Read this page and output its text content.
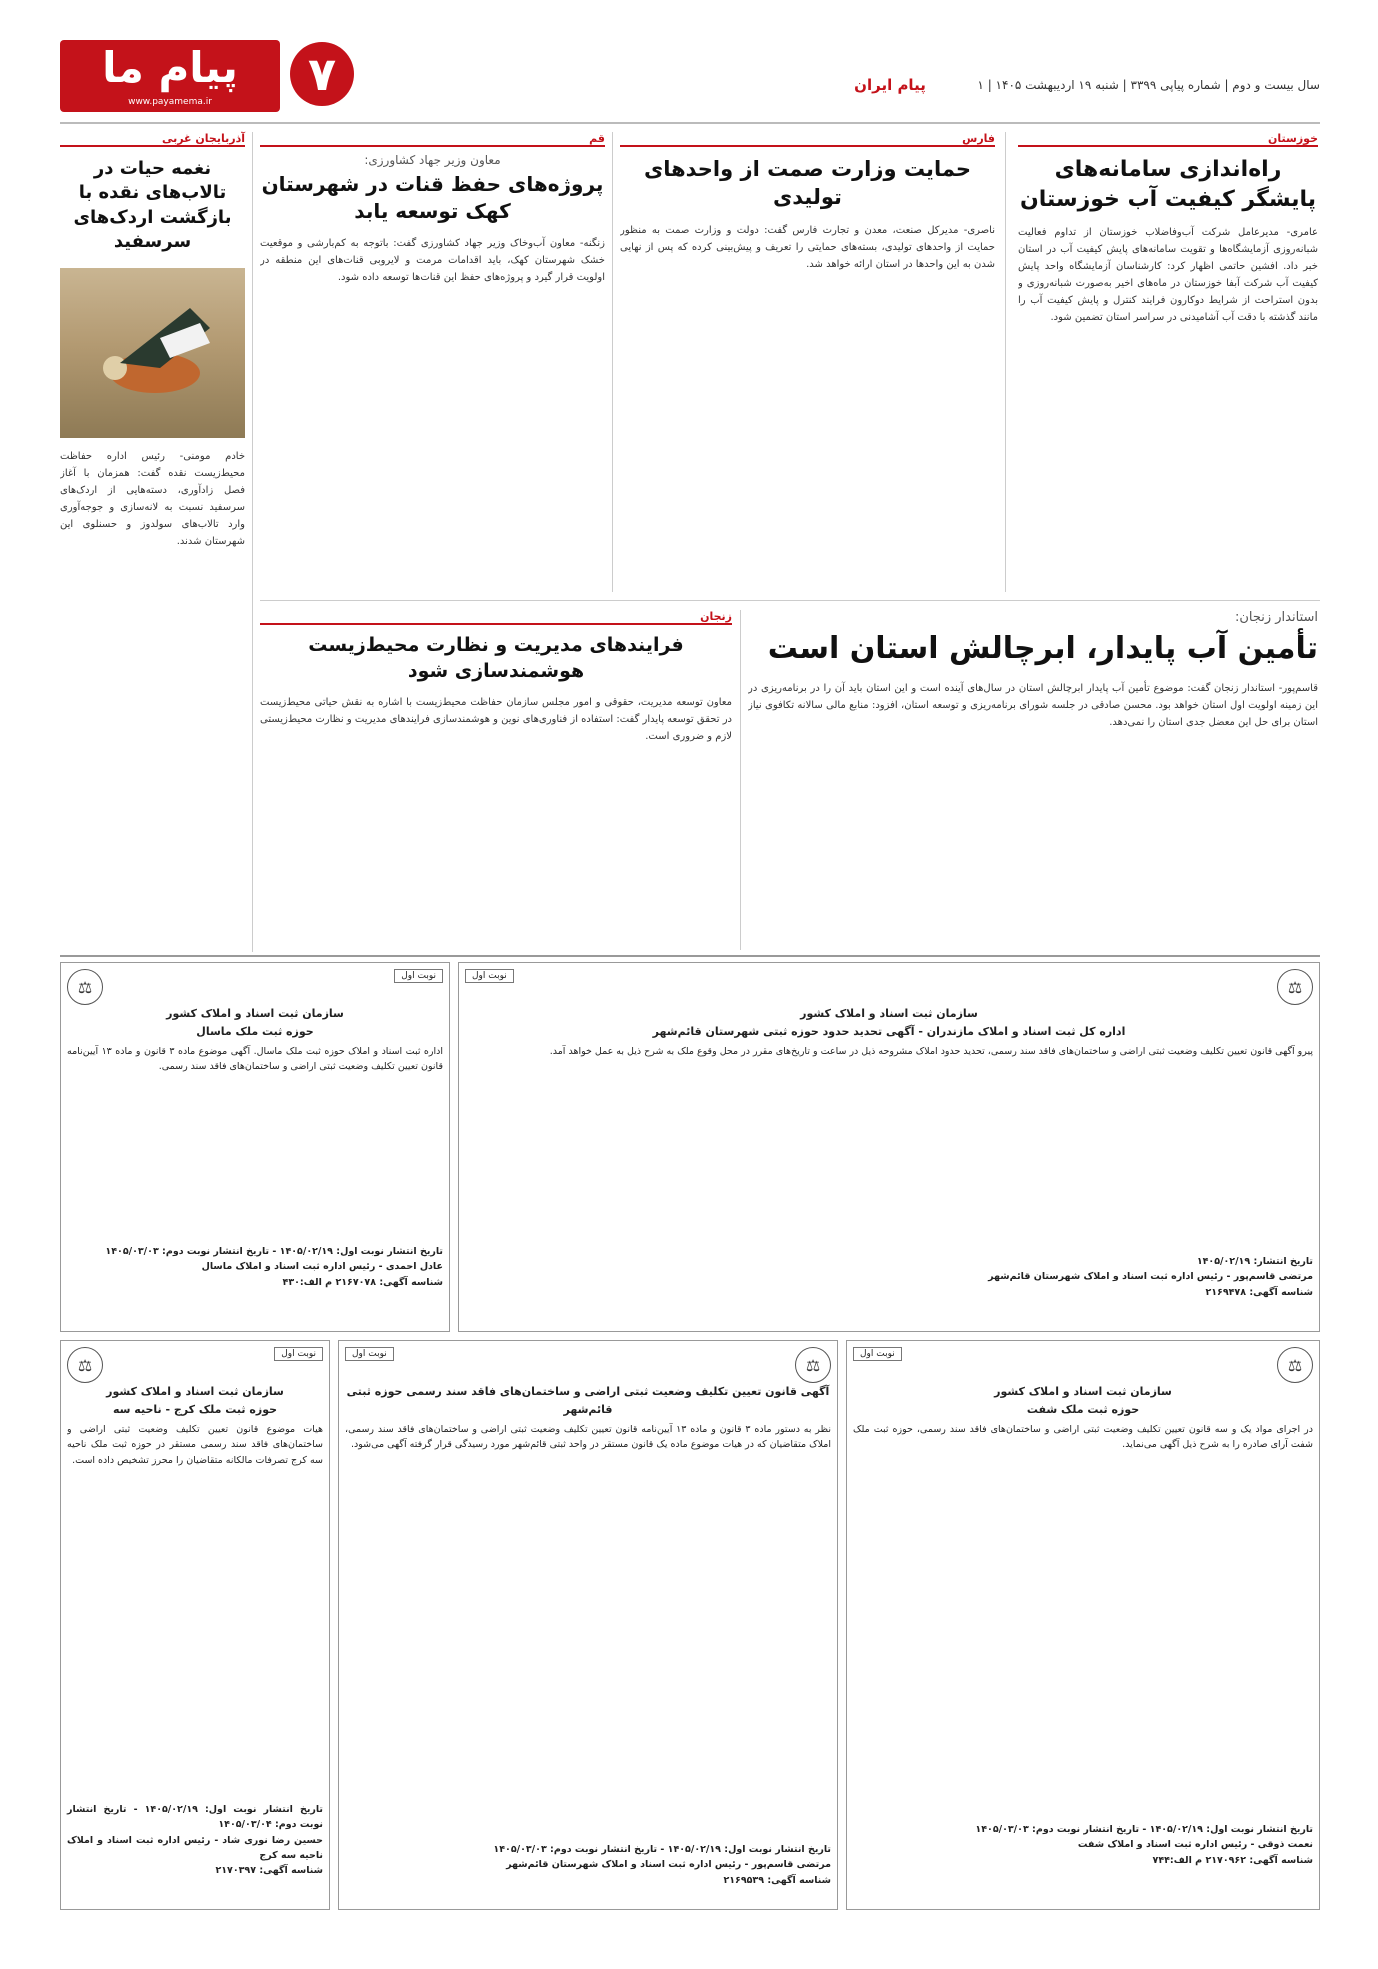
پیام ما
www.payamema.ir
۷	پیام ایران	سال بیست و دوم | شماره پیاپی ۳۳۹۹ | شنبه ۱۹ اردیبهشت ۱۴۰۵ | ۱
خوزستان
راه‌اندازی سامانه‌های پایشگر کیفیت آب خوزستان
عامری- مدیرعامل شرکت آب‌وفاضلاب خوزستان از تداوم فعالیت شبانه‌روزی آزمایشگاه‌ها و تقویت سامانه‌های پایش کیفیت آب در استان خبر داد. افشین حاتمی اظهار کرد: کارشناسان آزمایشگاه واحد پایش کیفیت آب شرکت آبفا خوزستان در ماه‌های اخیر به‌صورت شبانه‌روزی و بدون استراحت از شرایط دوکارون فرایند کنترل و پایش کیفیت آب را مانند گذشته با دقت آب آشامیدنی در سراسر استان تضمین شود.
فارس
حمایت وزارت صمت از واحدهای تولیدی
ناصری- مدیرکل صنعت، معدن و تجارت فارس گفت: دولت و وزارت صمت به منظور حمایت از واحدهای تولیدی، بسته‌های حمایتی را تعریف و پیش‌بینی کرده که پس از نهایی شدن به این واحدها در استان ارائه خواهد شد.
قم
معاون وزیر جهاد کشاورزی:
پروژه‌های حفظ قنات در شهرستان کهک توسعه یابد
زنگنه- معاون آب‌وخاک وزیر جهاد کشاورزی گفت: باتوجه به کم‌بارشی و موقعیت خشک شهرستان کهک، باید اقدامات مرمت و لایروبی قنات‌های این منطقه در اولویت قرار گیرد و پروژه‌های حفظ این قنات‌ها توسعه داده شود.
آذربایجان غربی
نغمه حیات در تالاب‌های نقده با بازگشت اردک‌های سرسفید
خادم مومنی- رئیس اداره حفاظت محیط‌زیست نقده گفت: همزمان با آغاز فصل زادآوری، دسته‌هایی از اردک‌های سرسفید نسبت به لانه‌سازی و جوجه‌آوری وارد تالاب‌های سولدوز و حسنلوی این شهرستان شدند.
استاندار زنجان:
تأمین آب پایدار، ابرچالش استان است
قاسم‌پور- استاندار زنجان گفت: موضوع تأمین آب پایدار ابرچالش استان در سال‌های آینده است و این استان باید آن را در برنامه‌ریزی در این زمینه اولویت اول استان خواهد بود. محسن صادقی در جلسه شورای برنامه‌ریزی و توسعه استان، افزود: منابع مالی سالانه تکافوی نیاز استان برای حل این معضل جدی استان را نمی‌دهد.
زنجان
فرایندهای مدیریت و نظارت محیط‌زیست هوشمندسازی شود
معاون توسعه مدیریت، حقوقی و امور مجلس سازمان حفاظت محیط‌زیست با اشاره به نقش حیاتی محیط‌زیست در تحقق توسعه پایدار گفت: استفاده از فناوری‌های نوین و هوشمندسازی فرایندهای مدیریت و نظارت محیط‌زیستی لازم و ضروری است.
نوبت اول
⚖
سازمان ثبت اسناد و املاک کشور
حوزه ثبت ملک ماسال
اداره ثبت اسناد و املاک حوزه ثبت ملک ماسال. آگهی موضوع ماده ۳ قانون و ماده ۱۳ آیین‌نامه قانون تعیین تکلیف وضعیت ثبتی اراضی و ساختمان‌های فاقد سند رسمی.
تاریخ انتشار نوبت اول: ۱۴۰۵/۰۲/۱۹ - تاریخ انتشار نوبت دوم: ۱۴۰۵/۰۳/۰۳
عادل احمدی - رئیس اداره ثبت اسناد و املاک ماسال
شناسه آگهی: ۲۱۶۷۰۷۸ م الف:۴۳۰
⚖
نوبت اول
سازمان ثبت اسناد و املاک کشور
اداره کل ثبت اسناد و املاک مازندران - آگهی تحدید حدود حوزه ثبتی شهرستان قائم‌شهر
پیرو آگهی قانون تعیین تکلیف وضعیت ثبتی اراضی و ساختمان‌های فاقد سند رسمی، تحدید حدود املاک مشروحه ذیل در ساعت و تاریخ‌های مقرر در محل وقوع ملک به شرح ذیل به عمل خواهد آمد.
تاریخ انتشار: ۱۴۰۵/۰۲/۱۹
مرتضی قاسم‌پور - رئیس اداره ثبت اسناد و املاک شهرستان قائم‌شهر
شناسه آگهی: ۲۱۶۹۴۷۸
نوبت اول
⚖
سازمان ثبت اسناد و املاک کشور
حوزه ثبت ملک کرج - ناحیه سه
هیات موضوع قانون تعیین تکلیف وضعیت ثبتی اراضی و ساختمان‌های فاقد سند رسمی مستقر در حوزه ثبت ملک ناحیه سه کرج تصرفات مالکانه متقاضیان را محرز تشخیص داده است.
تاریخ انتشار نوبت اول: ۱۴۰۵/۰۲/۱۹ - تاریخ انتشار نوبت دوم: ۱۴۰۵/۰۳/۰۴
حسین رضا نوری شاد - رئیس اداره ثبت اسناد و املاک ناحیه سه کرج
شناسه آگهی: ۲۱۷۰۳۹۷
⚖
نوبت اول
آگهی قانون تعیین تکلیف وضعیت ثبتی اراضی و ساختمان‌های فاقد سند رسمی حوزه ثبتی قائم‌شهر
نظر به دستور ماده ۳ قانون و ماده ۱۳ آیین‌نامه قانون تعیین تکلیف وضعیت ثبتی اراضی و ساختمان‌های فاقد سند رسمی، املاک متقاضیان که در هیات موضوع ماده یک قانون مستقر در واحد ثبتی قائم‌شهر مورد رسیدگی قرار گرفته آگهی می‌شود.
تاریخ انتشار نوبت اول: ۱۴۰۵/۰۲/۱۹ - تاریخ انتشار نوبت دوم: ۱۴۰۵/۰۳/۰۳
مرتضی قاسم‌پور - رئیس اداره ثبت اسناد و املاک شهرستان قائم‌شهر
شناسه آگهی: ۲۱۶۹۵۳۹
⚖
نوبت اول
سازمان ثبت اسناد و املاک کشور
حوزه ثبت ملک شفت
در اجرای مواد یک و سه قانون تعیین تکلیف وضعیت ثبتی اراضی و ساختمان‌های فاقد سند رسمی، حوزه ثبت ملک شفت آرای صادره را به شرح ذیل آگهی می‌نماید.
تاریخ انتشار نوبت اول: ۱۴۰۵/۰۲/۱۹ - تاریخ انتشار نوبت دوم: ۱۴۰۵/۰۳/۰۳
نعمت ذوقی - رئیس اداره ثبت اسناد و املاک شفت
شناسه آگهی: ۲۱۷۰۹۶۲ م الف:۷۴۴
